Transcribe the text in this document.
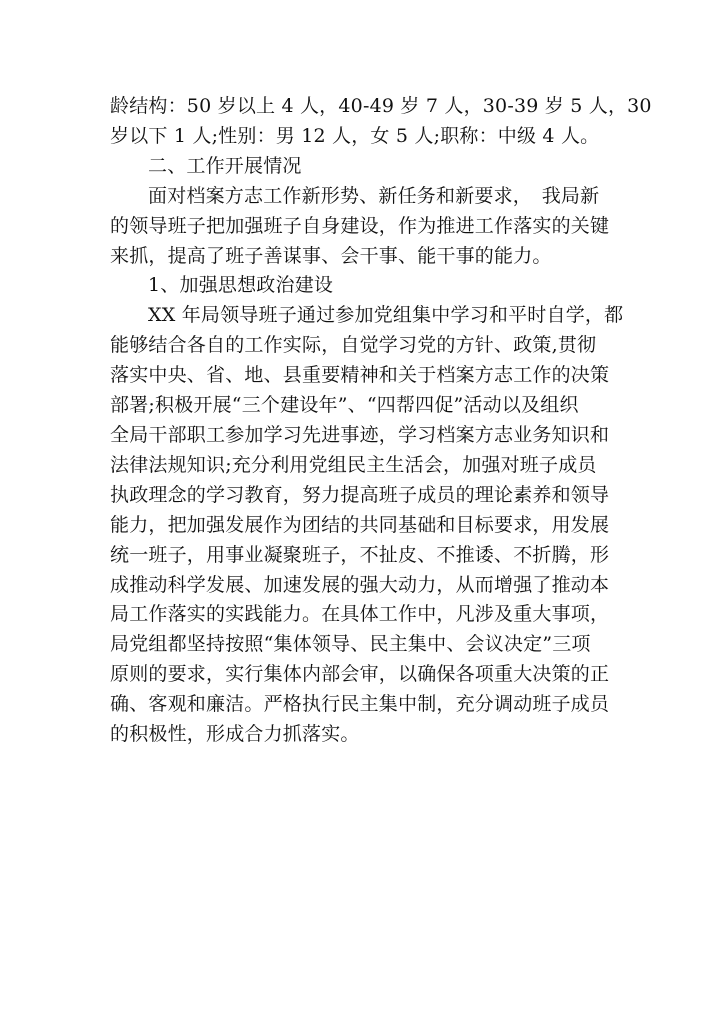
龄结构：50 岁以上 4 人，40-49 岁 7 人，30-39 岁 5 人，30
岁以下 1 人;性别：男 12 人，女 5 人;职称：中级 4 人。
二、工作开展情况
面对档案方志工作新形势、新任务和新要求，　我局新
的领导班子把加强班子自身建设，作为推进工作落实的关键
来抓，提高了班子善谋事、会干事、能干事的能力。
1、加强思想政治建设
XX 年局领导班子通过参加党组集中学习和平时自学，都
能够结合各自的工作实际，自觉学习党的方针、政策,贯彻
落实中央、省、地、县重要精神和关于档案方志工作的决策
部署;积极开展“三个建设年”、“四帮四促”活动以及组织
全局干部职工参加学习先进事迹，学习档案方志业务知识和
法律法规知识;充分利用党组民主生活会，加强对班子成员
执政理念的学习教育，努力提高班子成员的理论素养和领导
能力，把加强发展作为团结的共同基础和目标要求，用发展
统一班子，用事业凝聚班子，不扯皮、不推诿、不折腾，形
成推动科学发展、加速发展的强大动力，从而增强了推动本
局工作落实的实践能力。在具体工作中，凡涉及重大事项，
局党组都坚持按照“集体领导、民主集中、会议决定”三项
原则的要求，实行集体内部会审，以确保各项重大决策的正
确、客观和廉洁。严格执行民主集中制，充分调动班子成员
的积极性，形成合力抓落实。
